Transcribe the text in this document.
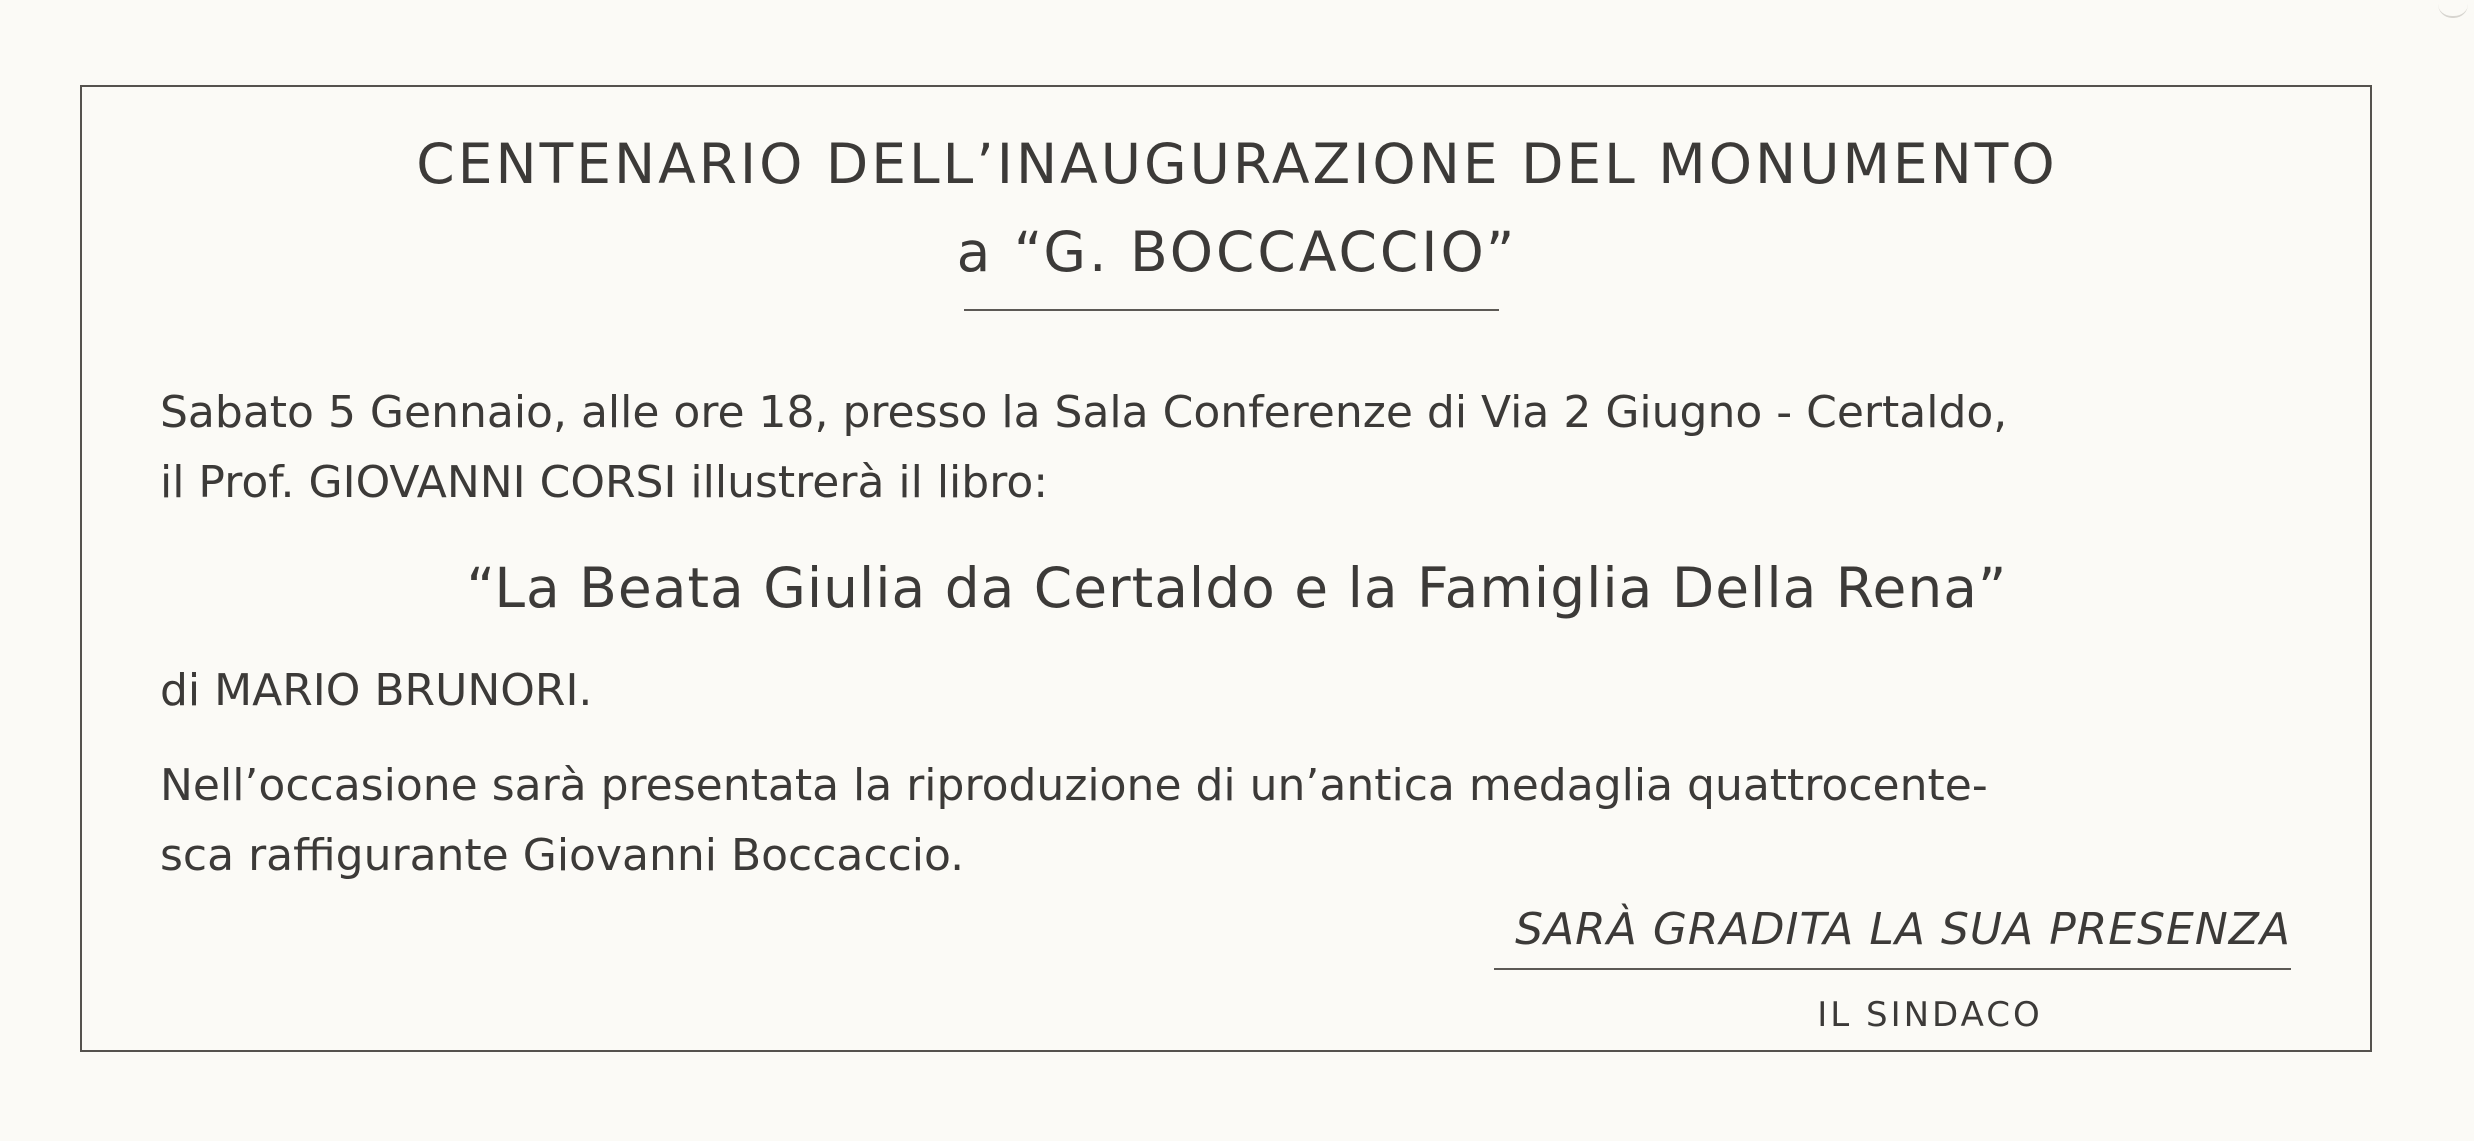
CENTENARIO DELL’INAUGURAZIONE DEL MONUMENTO
a “G. BOCCACCIO”
Sabato 5 Gennaio, alle ore 18, presso la Sala Conferenze di Via 2 Giugno - Certaldo,
il Prof. GIOVANNI CORSI illustrerà il libro:
“La Beata Giulia da Certaldo e la Famiglia Della Rena”
di MARIO BRUNORI.
Nell’occasione sarà presentata la riproduzione di un’antica medaglia quattrocente-
sca raffigurante Giovanni Boccaccio.
SARÀ GRADITA LA SUA PRESENZA
IL SINDACO
